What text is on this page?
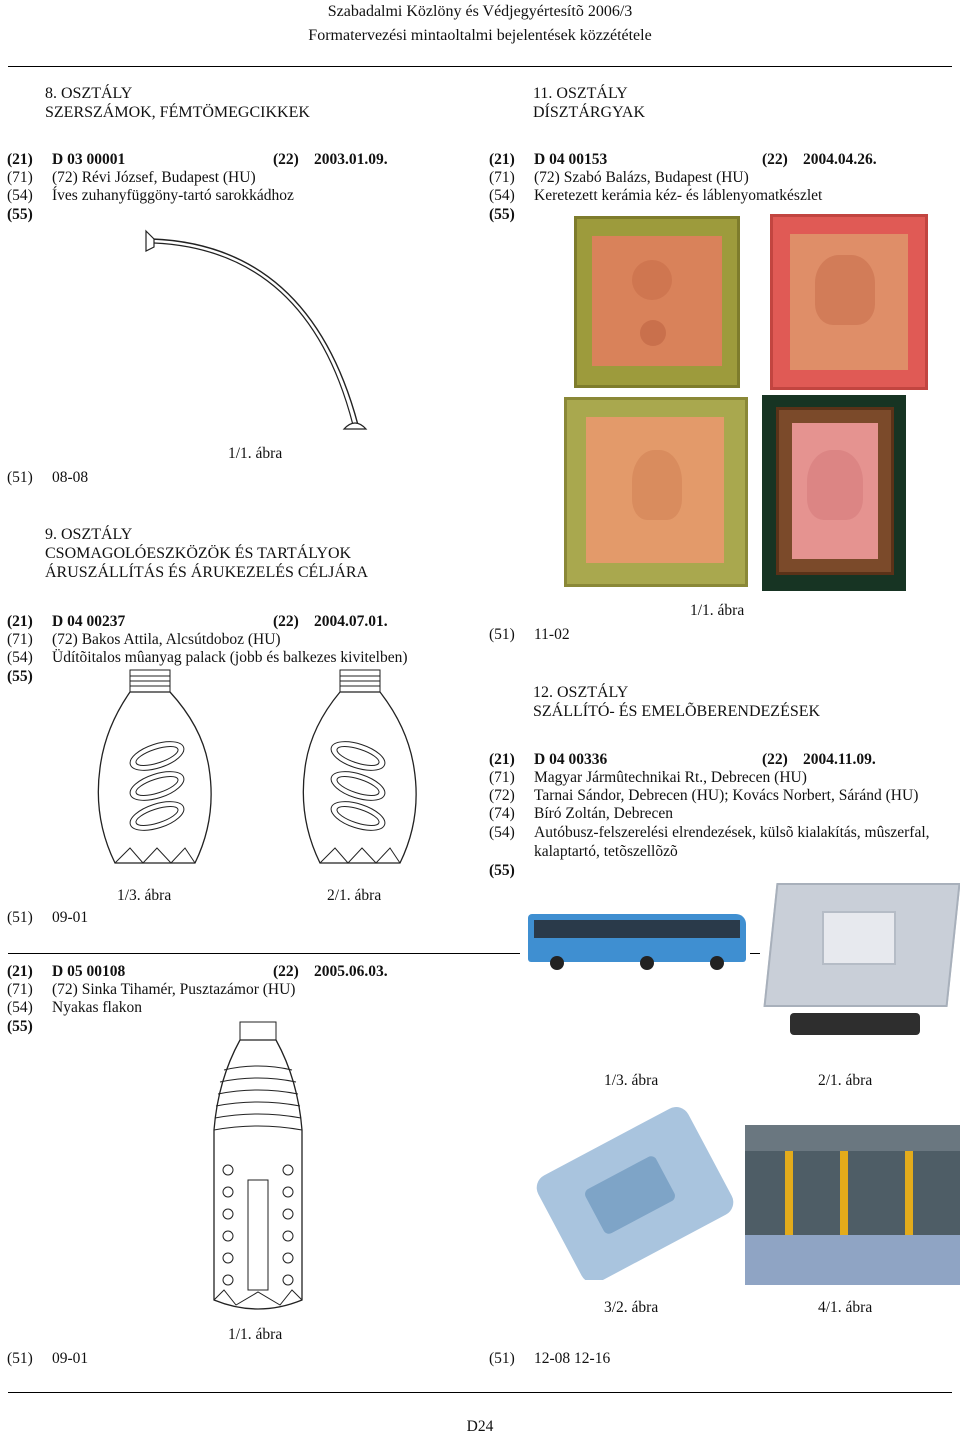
Szabadalmi Közlöny és Védjegyértesítõ 2006/3
Formatervezési mintaoltalmi bejelentések közzététele
8. OSZTÁLY
SZERSZÁMOK, FÉMTÖMEGCIKKEK
(21) D 03 00001	(22) 2003.01.09.
(71) (72) Révi József, Budapest (HU)
(54) Íves zuhanyfüggöny-tartó sarokkádhoz
(55)
1/1. ábra
(51) 08-08
9. OSZTÁLY
CSOMAGOLÓESZKÖZÖK ÉS TARTÁLYOK
ÁRUSZÁLLÍTÁS ÉS ÁRUKEZELÉS CÉLJÁRA
(21) D 04 00237	(22) 2004.07.01.
(71) (72) Bakos Attila, Alcsútdoboz (HU)
(54) Üdítõitalos mûanyag palack (jobb és balkezes kivitelben)
(55)
1/3. ábra	2/1. ábra
(51) 09-01
(21) D 05 00108	(22) 2005.06.03.
(71) (72) Sinka Tihamér, Pusztazámor (HU)
(54) Nyakas flakon
(55)
1/1. ábra
(51) 09-01
11. OSZTÁLY
DÍSZTÁRGYAK
(21) D 04 00153	(22) 2004.04.26.
(71) (72) Szabó Balázs, Budapest (HU)
(54) Keretezett kerámia kéz- és láblenyomatkészlet
(55)
1/1. ábra
(51) 11-02
12. OSZTÁLY
SZÁLLÍTÓ- ÉS EMELÕBERENDEZÉSEK
(21) D 04 00336	(22) 2004.11.09.
(71) Magyar Jármûtechnikai Rt., Debrecen (HU)
(72) Tarnai Sándor, Debrecen (HU); Kovács Norbert, Sáránd (HU)
(74) Bíró Zoltán, Debrecen
(54) Autóbusz-felszerelési elrendezések, külsõ kialakítás, mûszerfal,
kalaptartó, tetõszellõzõ
(55)
1/3. ábra	2/1. ábra
3/2. ábra	4/1. ábra
(51) 12-08 12-16
D24
